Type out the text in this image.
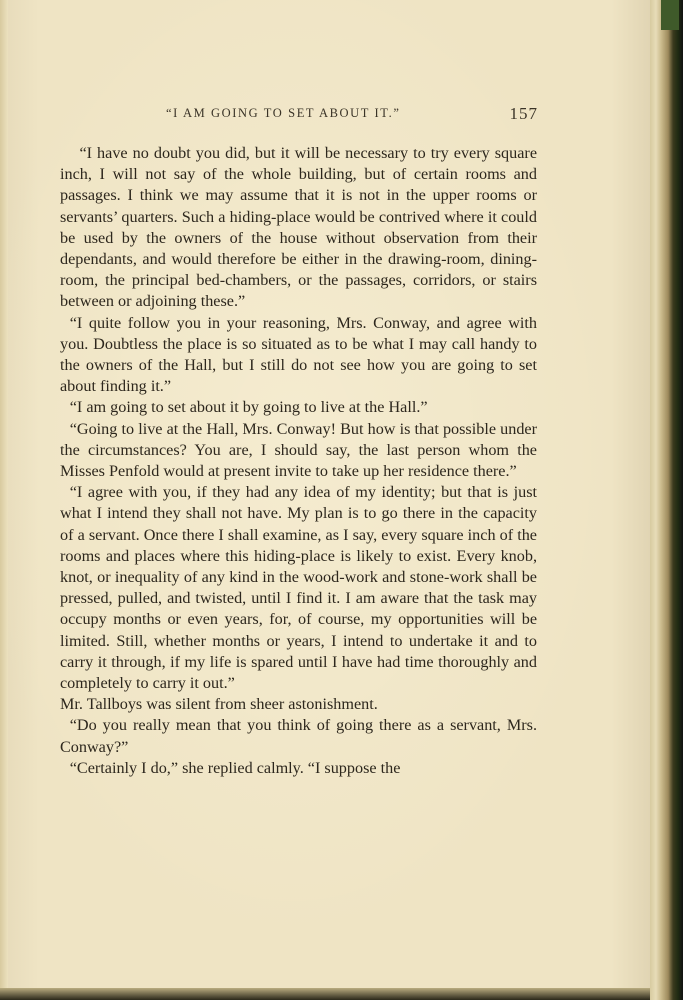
“I AM GOING TO SET ABOUT IT.”	157

“I have no doubt you did, but it will be necessary to try every square inch, I will not say of the whole building, but of certain rooms and passages. I think we may assume that it is not in the upper rooms or servants’ quarters. Such a hiding-place would be contrived where it could be used by the owners of the house without observation from their dependants, and would therefore be either in the drawing-room, dining-room, the principal bed-chambers, or the passages, corridors, or stairs between or adjoining these.”

“I quite follow you in your reasoning, Mrs. Conway, and agree with you. Doubtless the place is so situated as to be what I may call handy to the owners of the Hall, but I still do not see how you are going to set about finding it.”

“I am going to set about it by going to live at the Hall.”

“Going to live at the Hall, Mrs. Conway! But how is that possible under the circumstances? You are, I should say, the last person whom the Misses Penfold would at present invite to take up her residence there.”

“I agree with you, if they had any idea of my identity; but that is just what I intend they shall not have. My plan is to go there in the capacity of a servant. Once there I shall examine, as I say, every square inch of the rooms and places where this hiding-place is likely to exist. Every knob, knot, or inequality of any kind in the wood-work and stone-work shall be pressed, pulled, and twisted, until I find it. I am aware that the task may occupy months or even years, for, of course, my opportunities will be limited. Still, whether months or years, I intend to undertake it and to carry it through, if my life is spared until I have had time thoroughly and completely to carry it out.”

Mr. Tallboys was silent from sheer astonishment.

“Do you really mean that you think of going there as a servant, Mrs. Conway?”

“Certainly I do,” she replied calmly. “I suppose the
